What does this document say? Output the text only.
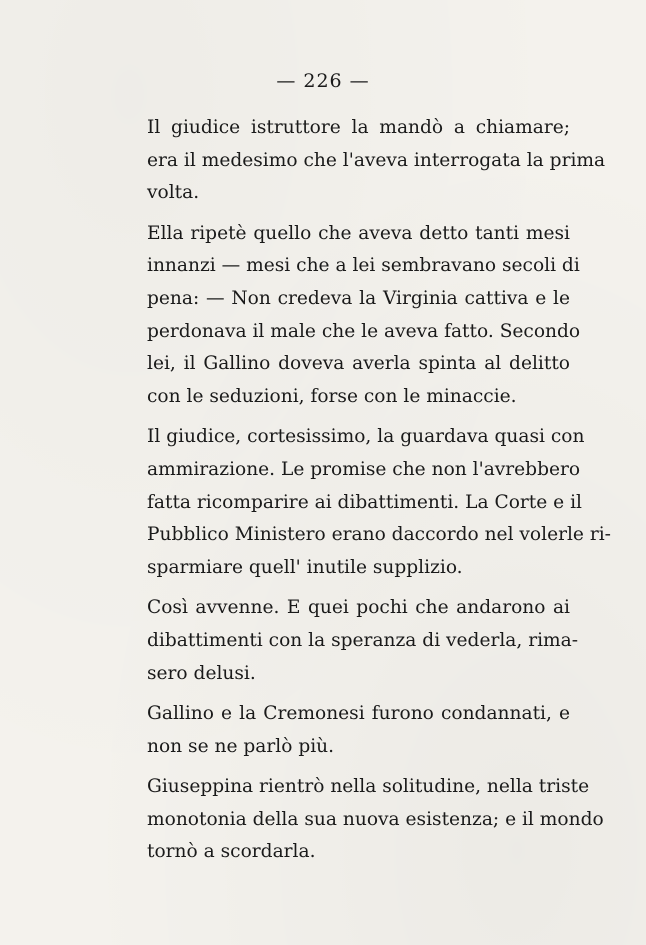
— 226 —

Il giudice istruttore la mandò a chiamare;
era il medesimo che l'aveva interrogata la prima
volta.

Ella ripetè quello che aveva detto tanti mesi
innanzi — mesi che a lei sembravano secoli di
pena: — Non credeva la Virginia cattiva e le
perdonava il male che le aveva fatto. Secondo
lei, il Gallino doveva averla spinta al delitto
con le seduzioni, forse con le minaccie.

Il giudice, cortesissimo, la guardava quasi con
ammirazione. Le promise che non l'avrebbero
fatta ricomparire ai dibattimenti. La Corte e il
Pubblico Ministero erano daccordo nel volerle ri-
sparmiare quell' inutile supplizio.

Così avvenne. E quei pochi che andarono ai
dibattimenti con la speranza di vederla, rima-
sero delusi.

Gallino e la Cremonesi furono condannati, e
non se ne parlò più.

Giuseppina rientrò nella solitudine, nella triste
monotonia della sua nuova esistenza; e il mondo
tornò a scordarla.
